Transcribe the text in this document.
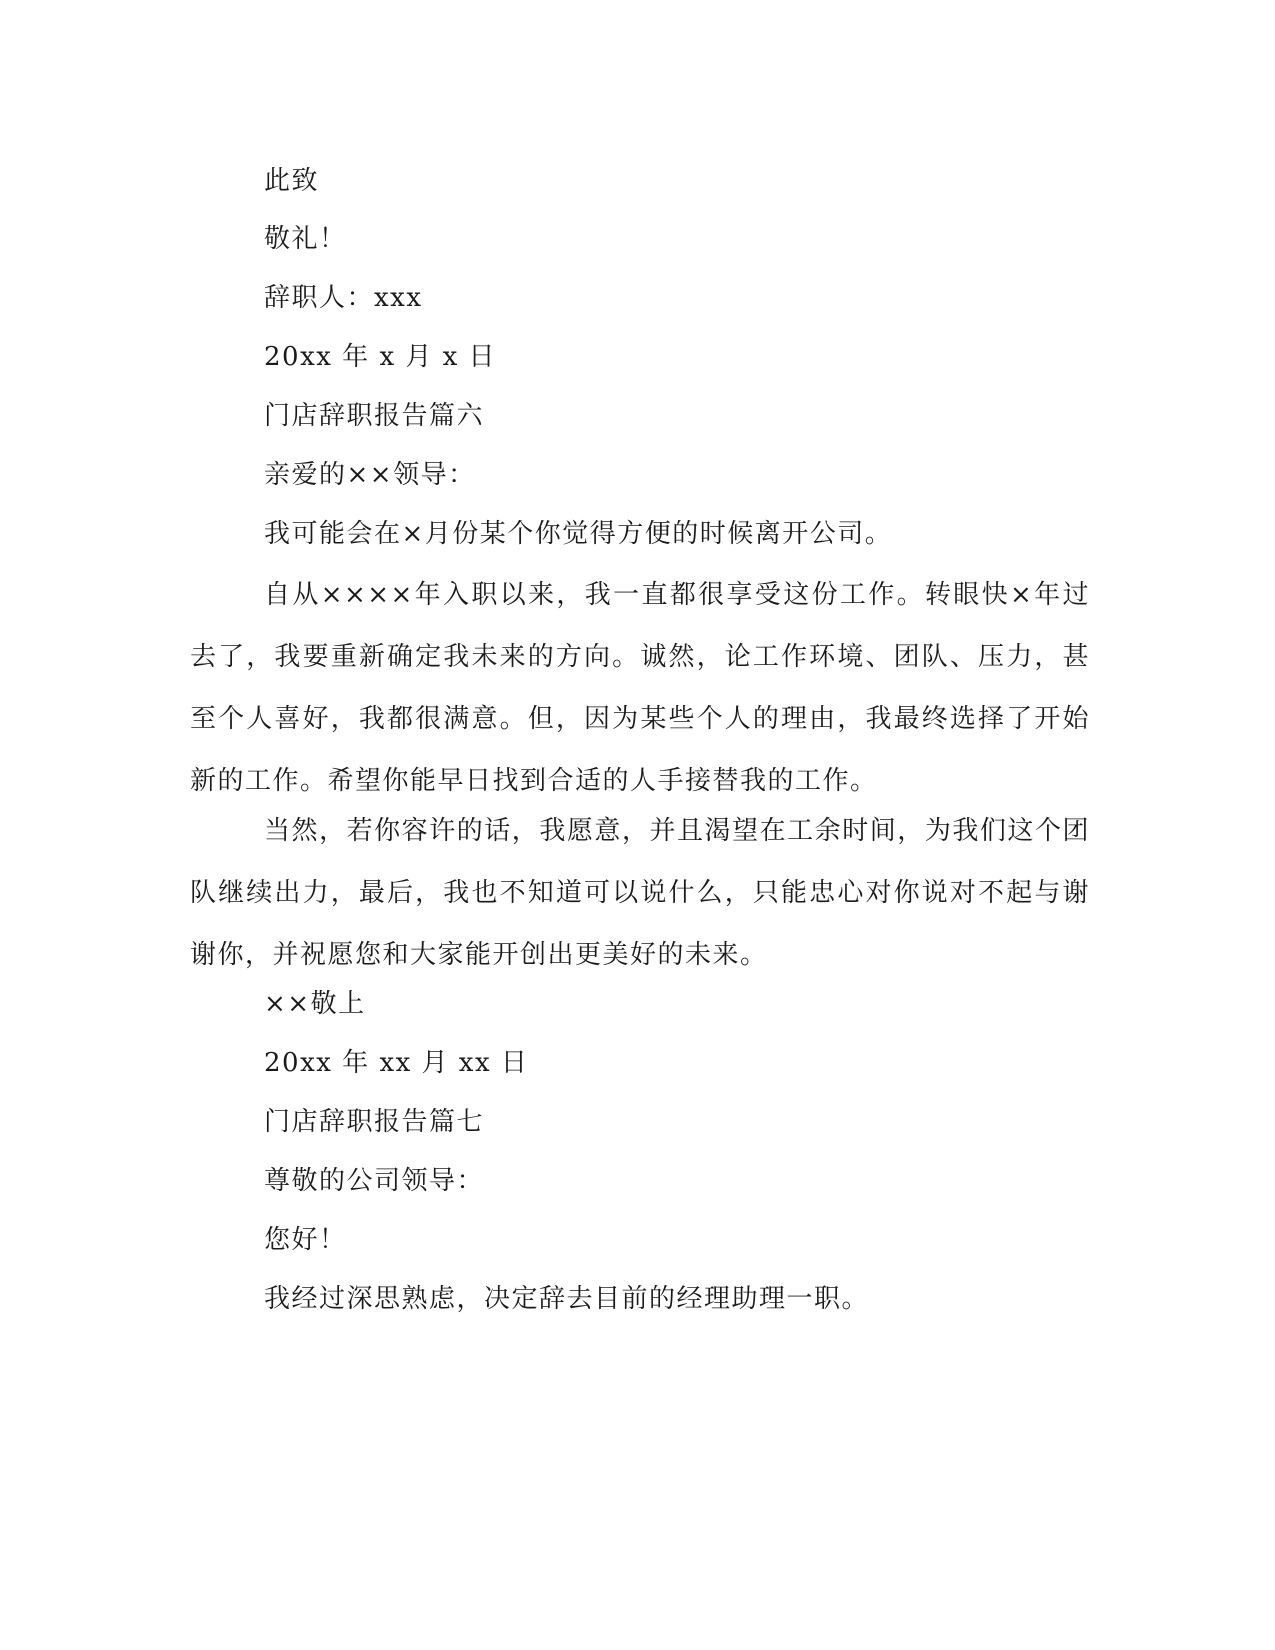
此致
敬礼！
辞职人：xxx
20xx 年 x 月 x 日
门店辞职报告篇六
亲爱的××领导：
我可能会在×月份某个你觉得方便的时候离开公司。
自从××××年入职以来，我一直都很享受这份工作。转眼快×年过去了，我要重新确定我未来的方向。诚然，论工作环境、团队、压力，甚至个人喜好，我都很满意。但，因为某些个人的理由，我最终选择了开始新的工作。希望你能早日找到合适的人手接替我的工作。
当然，若你容许的话，我愿意，并且渴望在工余时间，为我们这个团队继续出力，最后，我也不知道可以说什么，只能忠心对你说对不起与谢谢你，并祝愿您和大家能开创出更美好的未来。
××敬上
20xx 年 xx 月 xx 日
门店辞职报告篇七
尊敬的公司领导：
您好！
我经过深思熟虑，决定辞去目前的经理助理一职。
